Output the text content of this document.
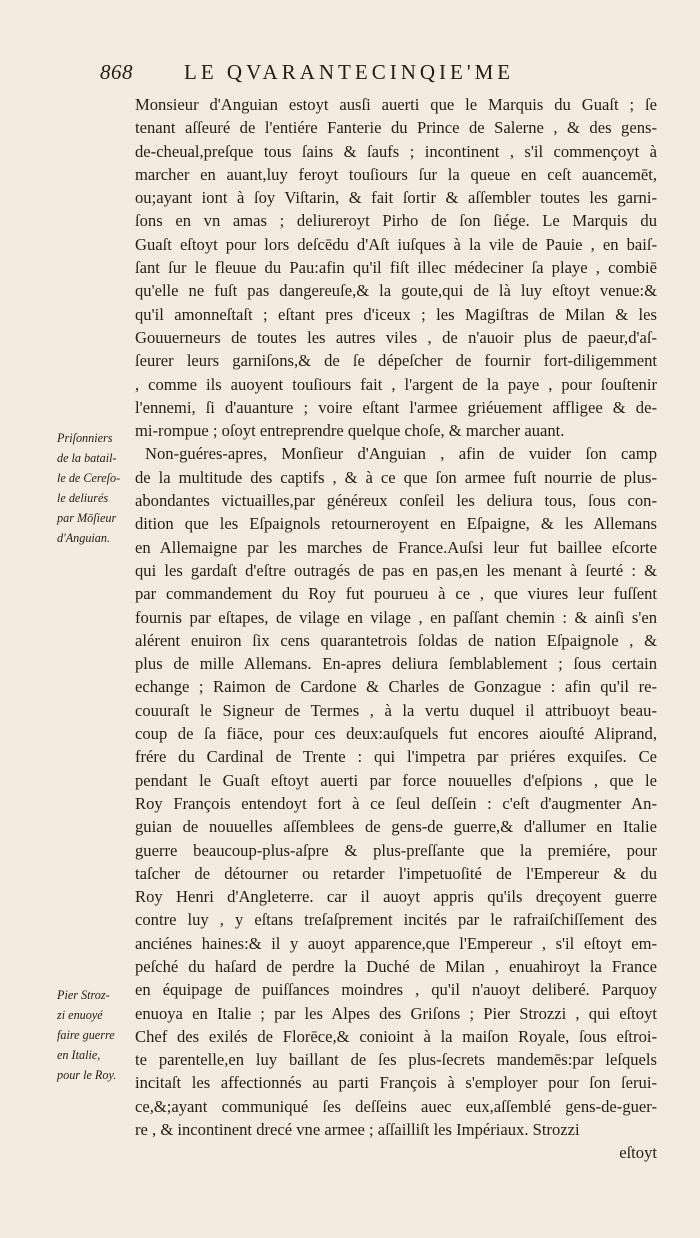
868 LE QVARANTECINQIE'ME
Monsieur d'Anguian estoyt ausſi auerti que le Marquis du Guaſt ; ſe
tenant aſſeuré de l'entiére Fanterie du Prince de Salerne , & des gens-
de-cheual,preſque tous ſains & ſaufs ; incontinent , s'il commençoyt à
marcher en auant,luy feroyt touſiours ſur la queue en ceſt auancemēt,
ou;ayant iont à ſoy Viſtarin, & fait ſortir & aſſembler toutes les garni-
ſons en vn amas ; deliureroyt Pirho de ſon ſiége. Le Marquis du
Guaſt eſtoyt pour lors deſcēdu d'Aſt iuſques à la vile de Pauie , en baiſ-
ſant ſur le fleuue du Pau:afin qu'il fiſt illec médeciner ſa playe , combiē
qu'elle ne fuſt pas dangereuſe,& la goute,qui de là luy eſtoyt venue:&
qu'il amonneſtaſt ; eſtant pres d'iceux ; les Magiſtras de Milan & les
Gouuerneurs de toutes les autres viles , de n'auoir plus de paeur,d'aſ-
ſeurer leurs garniſons,& de ſe dépeſcher de fournir fort-diligemment
, comme ils auoyent touſiours fait , l'argent de la paye , pour ſouſtenir
l'ennemi, ſi d'auanture ; voire eſtant l'armee griéuement affligee & de-
mi-rompue ; oſoyt entreprendre quelque choſe, & marcher auant.
Non-guéres-apres, Monſieur d'Anguian , afin de vuider ſon camp
de la multitude des captifs , & à ce que ſon armee fuſt nourrie de plus-
abondantes victuailles,par généreux conſeil les deliura tous, ſous con-
dition que les Eſpaignols retourneroyent en Eſpaigne, & les Allemans
en Allemaigne par les marches de France.Auſsi leur fut baillee eſcorte
qui les gardaſt d'eſtre outragés de pas en pas,en les menant à ſeurté : &
par commandement du Roy fut pourueu à ce , que viures leur fuſſent
fournis par eſtapes, de vilage en vilage , en paſſant chemin : & ainſi s'en
alérent enuiron ſix cens quarantetrois ſoldas de nation Eſpaignole , &
plus de mille Allemans. En-apres deliura ſemblablement ; ſous certain
echange ; Raimon de Cardone & Charles de Gonzague : afin qu'il re-
couuraſt le Signeur de Termes , à la vertu duquel il attribuoyt beau-
coup de ſa fiāce, pour ces deux:auſquels fut encores aiouſté Aliprand,
frére du Cardinal de Trente : qui l'impetra par priéres exquiſes. Ce
pendant le Guaſt eſtoyt auerti par force nouuelles d'eſpions , que le
Roy François entendoyt fort à ce ſeul deſſein : c'eſt d'augmenter An-
guian de nouuelles aſſemblees de gens-de guerre,& d'allumer en Italie
guerre beaucoup-plus-aſpre & plus-preſſante que la premiére, pour
taſcher de détourner ou retarder l'impetuoſité de l'Empereur & du
Roy Henri d'Angleterre. car il auoyt appris qu'ils dreçoyent guerre
contre luy , y eſtans treſaſprement incités par le rafraiſchiſſement des
anciénes haines:& il y auoyt apparence,que l'Empereur , s'il eſtoyt em-
peſché du haſard de perdre la Duché de Milan , enuahiroyt la France
en équipage de puiſſances moindres , qu'il n'auoyt deliberé. Parquoy
enuoya en Italie ; par les Alpes des Griſons ; Pier Strozzi , qui eſtoyt
Chef des exilés de Florēce,& conioint à la maiſon Royale, ſous eſtroi-
te parentelle,en luy baillant de ſes plus-ſecrets mandemēs:par leſquels
incitaſt les affectionnés au parti François à s'employer pour ſon ſerui-
ce,&;ayant communiqué ſes deſſeins auec eux,aſſemblé gens-de-guer-
re , & incontinent drecé vne armee ; aſſailliſt les Impériaux. Strozzi
eſtoyt
Priſonniers
de la batail-
le de Cereſo-
le deliurés
par Mōſieur
d'Anguian.
Pier Stroz-
zi enuoyé
faire guerre
en Italie,
pour le Roy.
